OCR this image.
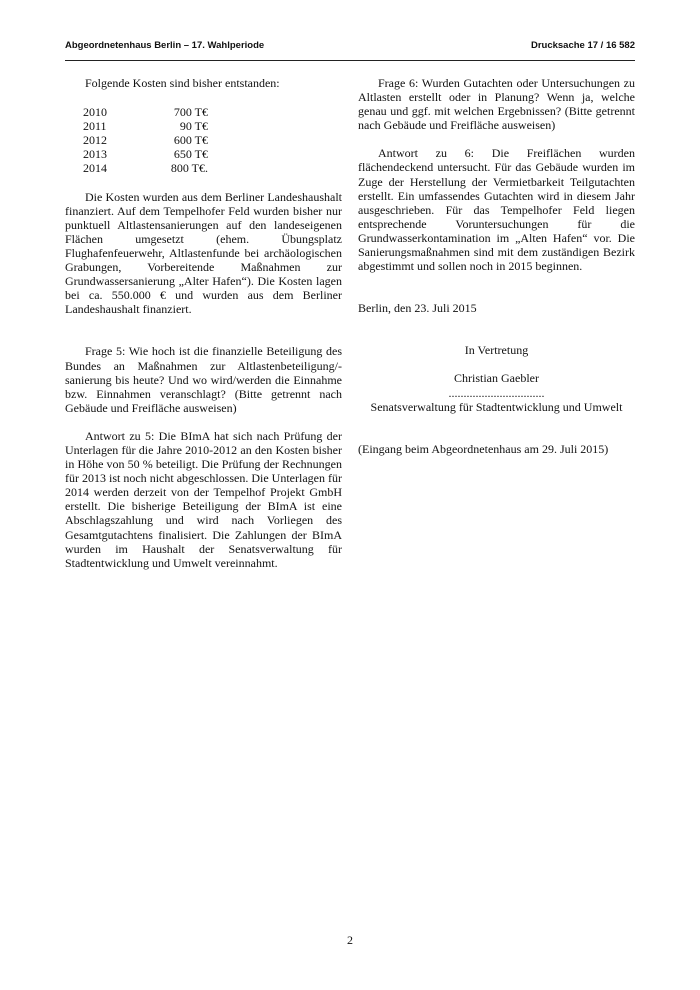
Abgeordnetenhaus Berlin – 17. Wahlperiode	Drucksache 17 / 16 582

Folgende Kosten sind bisher entstanden:

2010	700 T€
2011	90 T€
2012	600 T€
2013	650 T€
2014	800 T€.

Die Kosten wurden aus dem Berliner Landeshaushalt finanziert. Auf dem Tempelhofer Feld wurden bisher nur punktuell Altlastensanierungen auf den landeseigenen Flächen umgesetzt (ehem. Übungsplatz Flughafenfeuerwehr, Altlastenfunde bei archäologischen Grabungen, Vorbereitende Maßnahmen zur Grundwassersanierung „Alter Hafen“). Die Kosten lagen bei ca. 550.000 € und wurden aus dem Berliner Landeshaushalt finanziert.

Frage 5: Wie hoch ist die finanzielle Beteiligung des Bundes an Maßnahmen zur Altlastenbeteiligung/-sanierung bis heute? Und wo wird/werden die Einnahme bzw. Einnahmen veranschlagt? (Bitte getrennt nach Gebäude und Freifläche ausweisen)

Antwort zu 5: Die BImA hat sich nach Prüfung der Unterlagen für die Jahre 2010-2012 an den Kosten bisher in Höhe von 50 % beteiligt. Die Prüfung der Rechnungen für 2013 ist noch nicht abgeschlossen. Die Unterlagen für 2014 werden derzeit von der Tempelhof Projekt GmbH erstellt. Die bisherige Beteiligung der BImA ist eine Abschlagszahlung und wird nach Vorliegen des Gesamtgutachtens finalisiert. Die Zahlungen der BImA wurden im Haushalt der Senatsverwaltung für Stadtentwicklung und Umwelt vereinnahmt.

Frage 6: Wurden Gutachten oder Untersuchungen zu Altlasten erstellt oder in Planung? Wenn ja, welche genau und ggf. mit welchen Ergebnissen? (Bitte getrennt nach Gebäude und Freifläche ausweisen)

Antwort zu 6: Die Freiflächen wurden flächendeckend untersucht. Für das Gebäude wurden im Zuge der Herstellung der Vermietbarkeit Teilgutachten erstellt. Ein umfassendes Gutachten wird in diesem Jahr ausgeschrieben. Für das Tempelhofer Feld liegen entsprechende Voruntersuchungen für die Grundwasserkontamination im „Alten Hafen“ vor. Die Sanierungsmaßnahmen sind mit dem zuständigen Bezirk abgestimmt und sollen noch in 2015 beginnen.

Berlin, den 23. Juli 2015

In Vertretung

Christian Gaebler

................................

Senatsverwaltung für Stadtentwicklung und Umwelt

(Eingang beim Abgeordnetenhaus am 29. Juli 2015)

2
